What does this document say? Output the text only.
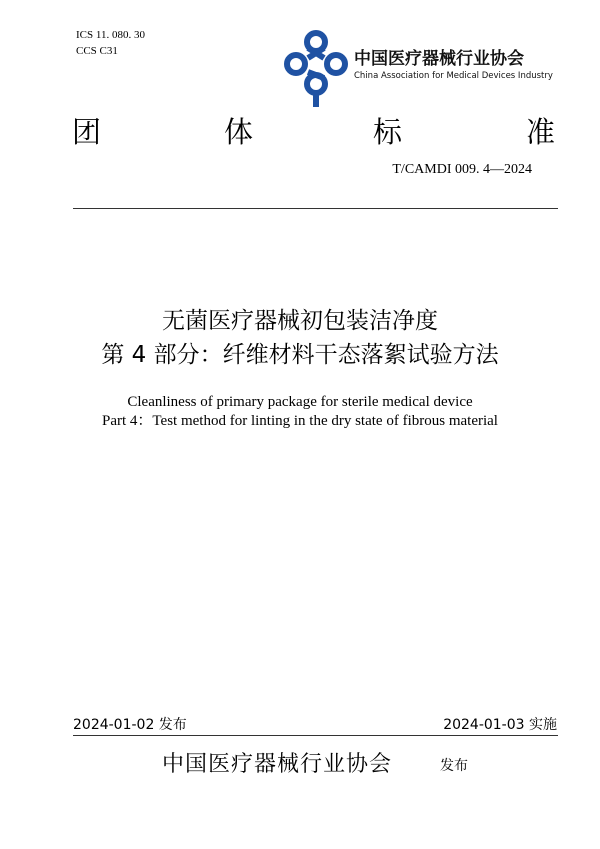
ICS 11. 080. 30
CCS C31	中国医疗器械行业协会
China Association for Medical Devices Industry
团	体	标	准
T/CAMDI 009. 4—2024
无菌医疗器械初包装洁净度
第 4 部分：纤维材料干态落絮试验方法
Cleanliness of primary package for sterile medical device
Part 4：Test method for linting in the dry state of fibrous material
2024-01-02 发布	2024-01-03 实施
中国医疗器械行业协会	发布
